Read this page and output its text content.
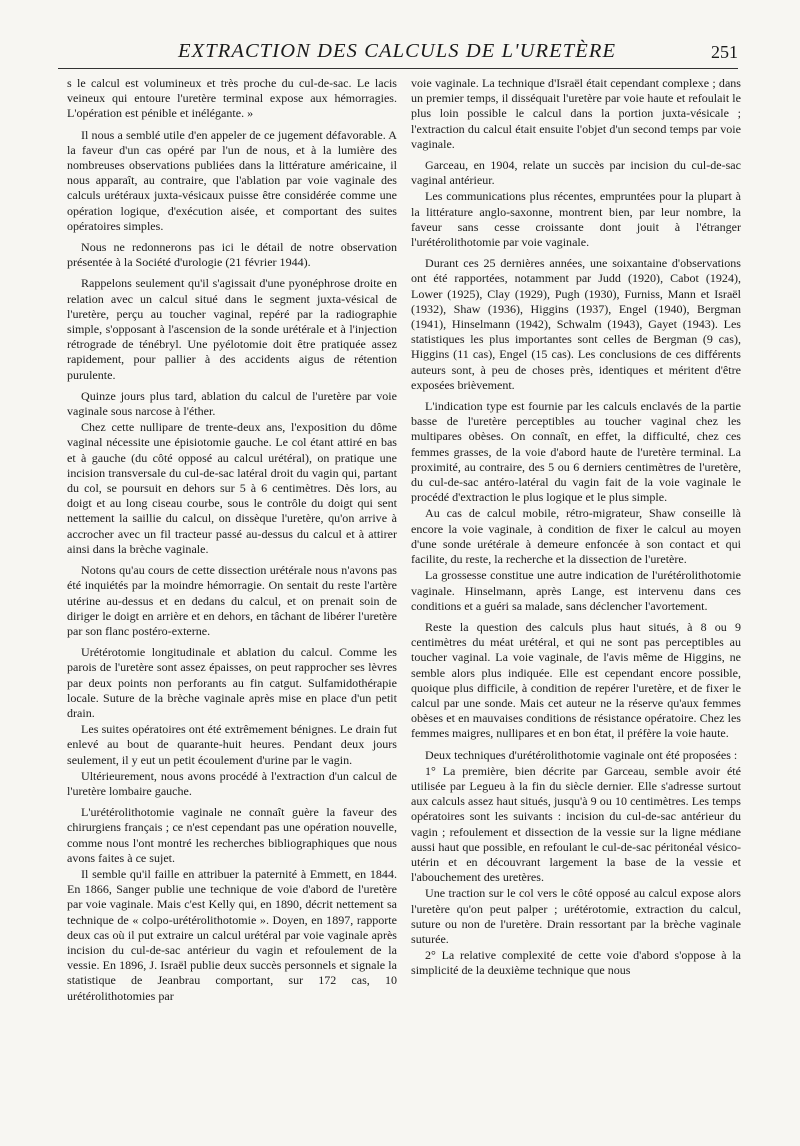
EXTRACTION DES CALCULS DE L'URETÈRE	251

s le calcul est volumineux et très proche du cul-de-sac. Le lacis veineux qui entoure l'uretère terminal expose aux hémorragies. L'opération est pénible et inélégante. »

Il nous a semblé utile d'en appeler de ce jugement défavorable. A la faveur d'un cas opéré par l'un de nous, et à la lumière des nombreuses observations publiées dans la littérature américaine, il nous apparaît, au contraire, que l'ablation par voie vaginale des calculs urétéraux juxta-vésicaux puisse être considérée comme une opération logique, d'exécution aisée, et comportant des suites opératoires simples.

Nous ne redonnerons pas ici le détail de notre observation présentée à la Société d'urologie (21 février 1944).

Rappelons seulement qu'il s'agissait d'une pyonéphrose droite en relation avec un calcul situé dans le segment juxta-vésical de l'uretère, perçu au toucher vaginal, repéré par la radiographie simple, s'opposant à l'ascension de la sonde urétérale et à l'injection rétrograde de ténébryl. Une pyélotomie doit être pratiquée assez rapidement, pour pallier à des accidents aigus de rétention purulente.

Quinze jours plus tard, ablation du calcul de l'uretère par voie vaginale sous narcose à l'éther.

Chez cette nullipare de trente-deux ans, l'exposition du dôme vaginal nécessite une épisiotomie gauche. Le col étant attiré en bas et à gauche (du côté opposé au calcul urétéral), on pratique une incision transversale du cul-de-sac latéral droit du vagin qui, partant du col, se poursuit en dehors sur 5 à 6 centimètres. Dès lors, au doigt et au long ciseau courbe, sous le contrôle du doigt qui sent nettement la saillie du calcul, on dissèque l'uretère, qu'on arrive à accrocher avec un fil tracteur passé au-dessus du calcul et à attirer ainsi dans la brèche vaginale.

Notons qu'au cours de cette dissection urétérale nous n'avons pas été inquiétés par la moindre hémorragie. On sentait du reste l'artère utérine au-dessus et en dedans du calcul, et on prenait soin de diriger le doigt en arrière et en dehors, en tâchant de libérer l'uretère par son flanc postéro-externe.

Urétérotomie longitudinale et ablation du calcul. Comme les parois de l'uretère sont assez épaisses, on peut rapprocher ses lèvres par deux points non perforants au fin catgut. Sulfamidothérapie locale. Suture de la brèche vaginale après mise en place d'un petit drain.

Les suites opératoires ont été extrêmement bénignes. Le drain fut enlevé au bout de quarante-huit heures. Pendant deux jours seulement, il y eut un petit écoulement d'urine par le vagin.

Ultérieurement, nous avons procédé à l'extraction d'un calcul de l'uretère lombaire gauche.

L'urétérolithotomie vaginale ne connaît guère la faveur des chirurgiens français ; ce n'est cependant pas une opération nouvelle, comme nous l'ont montré les recherches bibliographiques que nous avons faites à ce sujet.

Il semble qu'il faille en attribuer la paternité à Emmett, en 1844. En 1866, Sanger publie une technique de voie d'abord de l'uretère par voie vaginale. Mais c'est Kelly qui, en 1890, décrit nettement sa technique de « colpo-urétérolithotomie ». Doyen, en 1897, rapporte deux cas où il put extraire un calcul urétéral par voie vaginale après incision du cul-de-sac antérieur du vagin et refoulement de la vessie. En 1896, J. Israël publie deux succès personnels et signale la statistique de Jeanbrau comportant, sur 172 cas, 10 urétérolithotomies par

voie vaginale. La technique d'Israël était cependant complexe ; dans un premier temps, il disséquait l'uretère par voie haute et refoulait le plus loin possible le calcul dans la portion juxta-vésicale ; l'extraction du calcul était ensuite l'objet d'un second temps par voie vaginale.

Garceau, en 1904, relate un succès par incision du cul-de-sac vaginal antérieur.

Les communications plus récentes, empruntées pour la plupart à la littérature anglo-saxonne, montrent bien, par leur nombre, la faveur sans cesse croissante dont jouit à l'étranger l'urétérolithotomie par voie vaginale.

Durant ces 25 dernières années, une soixantaine d'observations ont été rapportées, notamment par Judd (1920), Cabot (1924), Lower (1925), Clay (1929), Pugh (1930), Furniss, Mann et Israël (1932), Shaw (1936), Higgins (1937), Engel (1940), Bergman (1941), Hinselmann (1942), Schwalm (1943), Gayet (1943). Les statistiques les plus importantes sont celles de Bergman (9 cas), Higgins (11 cas), Engel (15 cas). Les conclusions de ces différents auteurs sont, à peu de choses près, identiques et méritent d'être exposées brièvement.

L'indication type est fournie par les calculs enclavés de la partie basse de l'uretère perceptibles au toucher vaginal chez les multipares obèses. On connaît, en effet, la difficulté, chez ces femmes grasses, de la voie d'abord haute de l'uretère terminal. La proximité, au contraire, des 5 ou 6 derniers centimètres de l'uretère, du cul-de-sac antéro-latéral du vagin fait de la voie vaginale le procédé d'extraction le plus logique et le plus simple.

Au cas de calcul mobile, rétro-migrateur, Shaw conseille là encore la voie vaginale, à condition de fixer le calcul au moyen d'une sonde urétérale à demeure enfoncée à son contact et qui facilite, du reste, la recherche et la dissection de l'uretère.

La grossesse constitue une autre indication de l'urétérolithotomie vaginale. Hinselmann, après Lange, est intervenu dans ces conditions et a guéri sa malade, sans déclencher l'avortement.

Reste la question des calculs plus haut situés, à 8 ou 9 centimètres du méat urétéral, et qui ne sont pas perceptibles au toucher vaginal. La voie vaginale, de l'avis même de Higgins, ne semble alors plus indiquée. Elle est cependant encore possible, quoique plus difficile, à condition de repérer l'uretère, et de fixer le calcul par une sonde. Mais cet auteur ne la réserve qu'aux femmes obèses et en mauvaises conditions de résistance opératoire. Chez les femmes maigres, nullipares et en bon état, il préfère la voie haute.

Deux techniques d'urétérolithotomie vaginale ont été proposées :

1° La première, bien décrite par Garceau, semble avoir été utilisée par Legueu à la fin du siècle dernier. Elle s'adresse surtout aux calculs assez haut situés, jusqu'à 9 ou 10 centimètres. Les temps opératoires sont les suivants : incision du cul-de-sac antérieur du vagin ; refoulement et dissection de la vessie sur la ligne médiane aussi haut que possible, en refoulant le cul-de-sac péritonéal vésico-utérin et en découvrant largement la base de la vessie et l'abouchement des uretères.

Une traction sur le col vers le côté opposé au calcul expose alors l'uretère qu'on peut palper ; urétérotomie, extraction du calcul, suture ou non de l'uretère. Drain ressortant par la brèche vaginale suturée.

2° La relative complexité de cette voie d'abord s'oppose à la simplicité de la deuxième technique que nous
